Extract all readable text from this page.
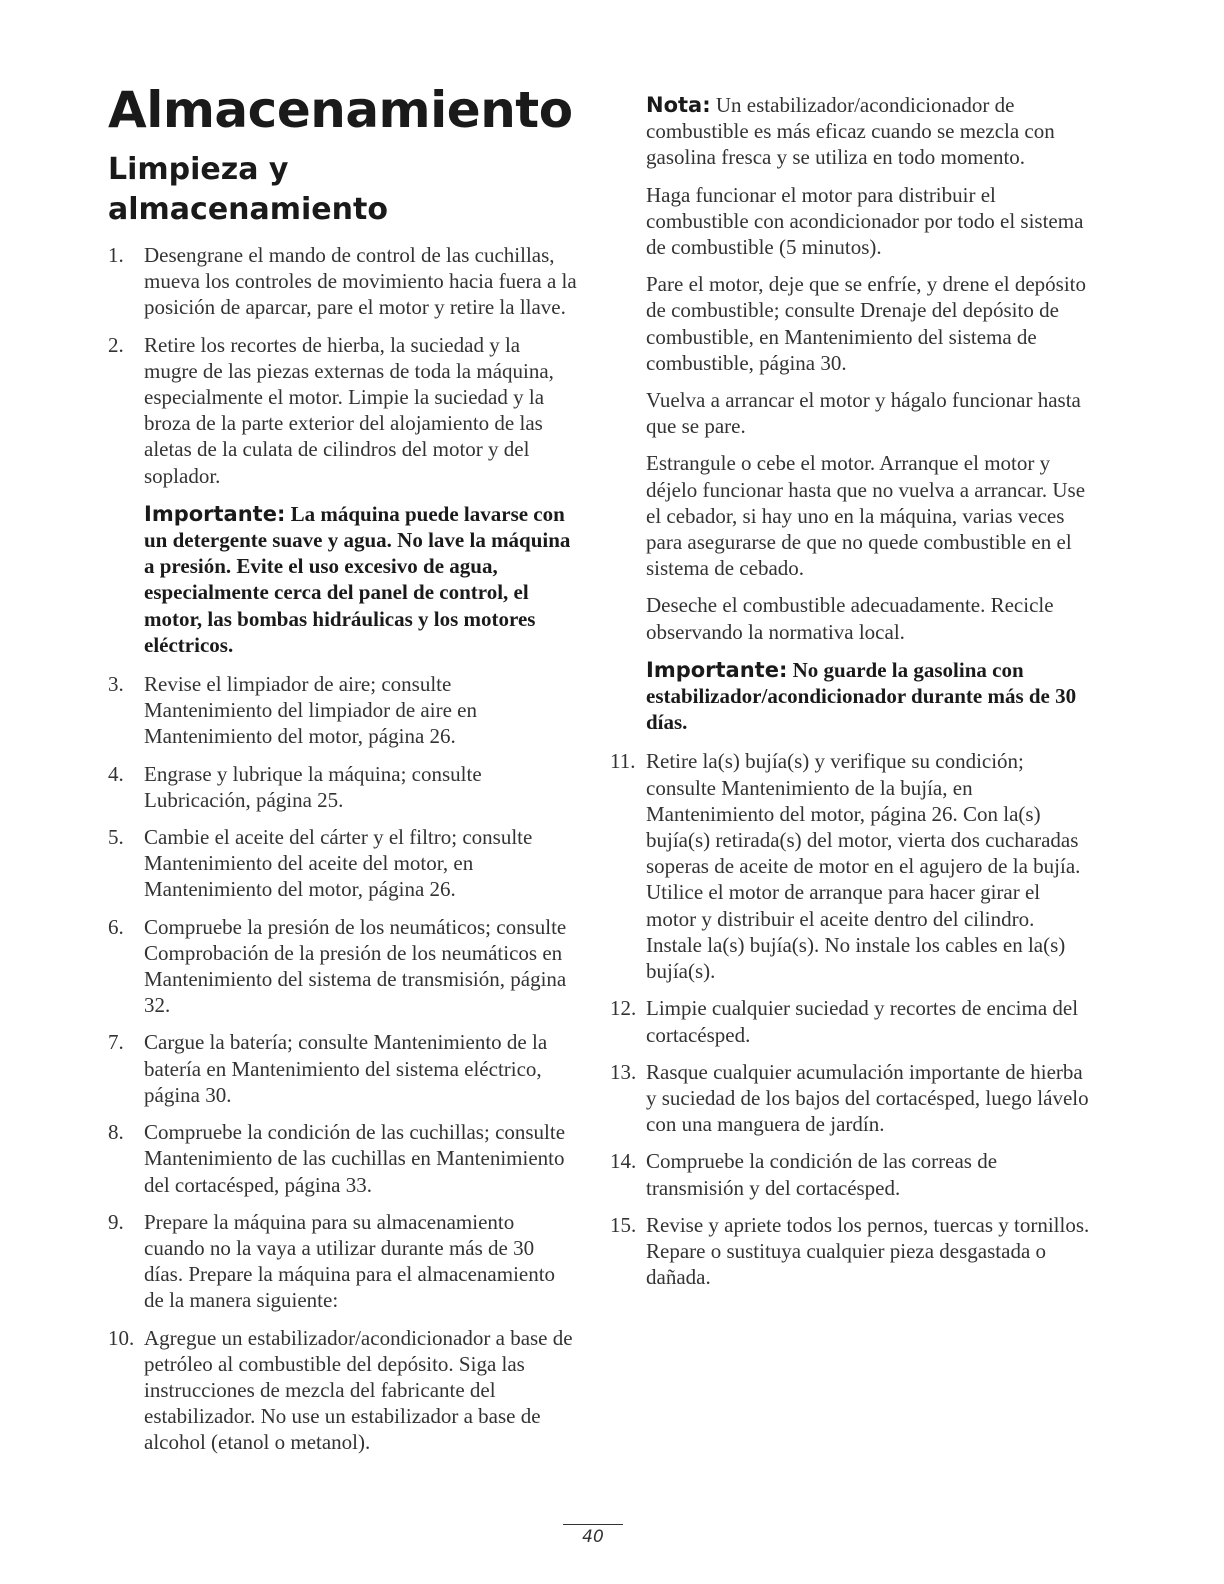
Almacenamiento
Limpieza y almacenamiento
1. Desengrane el mando de control de las cuchillas, mueva los controles de movimiento hacia fuera a la posición de aparcar, pare el motor y retire la llave.
2. Retire los recortes de hierba, la suciedad y la mugre de las piezas externas de toda la máquina, especialmente el motor. Limpie la suciedad y la broza de la parte exterior del alojamiento de las aletas de la culata de cilindros del motor y del soplador.
Importante: La máquina puede lavarse con un detergente suave y agua. No lave la máquina a presión. Evite el uso excesivo de agua, especialmente cerca del panel de control, el motor, las bombas hidráulicas y los motores eléctricos.
3. Revise el limpiador de aire; consulte Mantenimiento del limpiador de aire en Mantenimiento del motor, página 26.
4. Engrase y lubrique la máquina; consulte Lubricación, página 25.
5. Cambie el aceite del cárter y el filtro; consulte Mantenimiento del aceite del motor, en Mantenimiento del motor, página 26.
6. Compruebe la presión de los neumáticos; consulte Comprobación de la presión de los neumáticos en Mantenimiento del sistema de transmisión, página 32.
7. Cargue la batería; consulte Mantenimiento de la batería en Mantenimiento del sistema eléctrico, página 30.
8. Compruebe la condición de las cuchillas; consulte Mantenimiento de las cuchillas en Mantenimiento del cortacésped, página 33.
9. Prepare la máquina para su almacenamiento cuando no la vaya a utilizar durante más de 30 días. Prepare la máquina para el almacenamiento de la manera siguiente:
10. Agregue un estabilizador/acondicionador a base de petróleo al combustible del depósito. Siga las instrucciones de mezcla del fabricante del estabilizador. No use un estabilizador a base de alcohol (etanol o metanol).
Nota: Un estabilizador/acondicionador de combustible es más eficaz cuando se mezcla con gasolina fresca y se utiliza en todo momento.

Haga funcionar el motor para distribuir el combustible con acondicionador por todo el sistema de combustible (5 minutos).

Pare el motor, deje que se enfríe, y drene el depósito de combustible; consulte Drenaje del depósito de combustible, en Mantenimiento del sistema de combustible, página 30.

Vuelva a arrancar el motor y hágalo funcionar hasta que se pare.

Estrangule o cebe el motor. Arranque el motor y déjelo funcionar hasta que no vuelva a arrancar. Use el cebador, si hay uno en la máquina, varias veces para asegurarse de que no quede combustible en el sistema de cebado.

Deseche el combustible adecuadamente. Recicle observando la normativa local.

Importante: No guarde la gasolina con estabilizador/acondicionador durante más de 30 días.
11. Retire la(s) bujía(s) y verifique su condición; consulte Mantenimiento de la bujía, en Mantenimiento del motor, página 26. Con la(s) bujía(s) retirada(s) del motor, vierta dos cucharadas soperas de aceite de motor en el agujero de la bujía. Utilice el motor de arranque para hacer girar el motor y distribuir el aceite dentro del cilindro. Instale la(s) bujía(s). No instale los cables en la(s) bujía(s).
12. Limpie cualquier suciedad y recortes de encima del cortacésped.
13. Rasque cualquier acumulación importante de hierba y suciedad de los bajos del cortacésped, luego lávelo con una manguera de jardín.
14. Compruebe la condición de las correas de transmisión y del cortacésped.
15. Revise y apriete todos los pernos, tuercas y tornillos. Repare o sustituya cualquier pieza desgastada o dañada.
40
